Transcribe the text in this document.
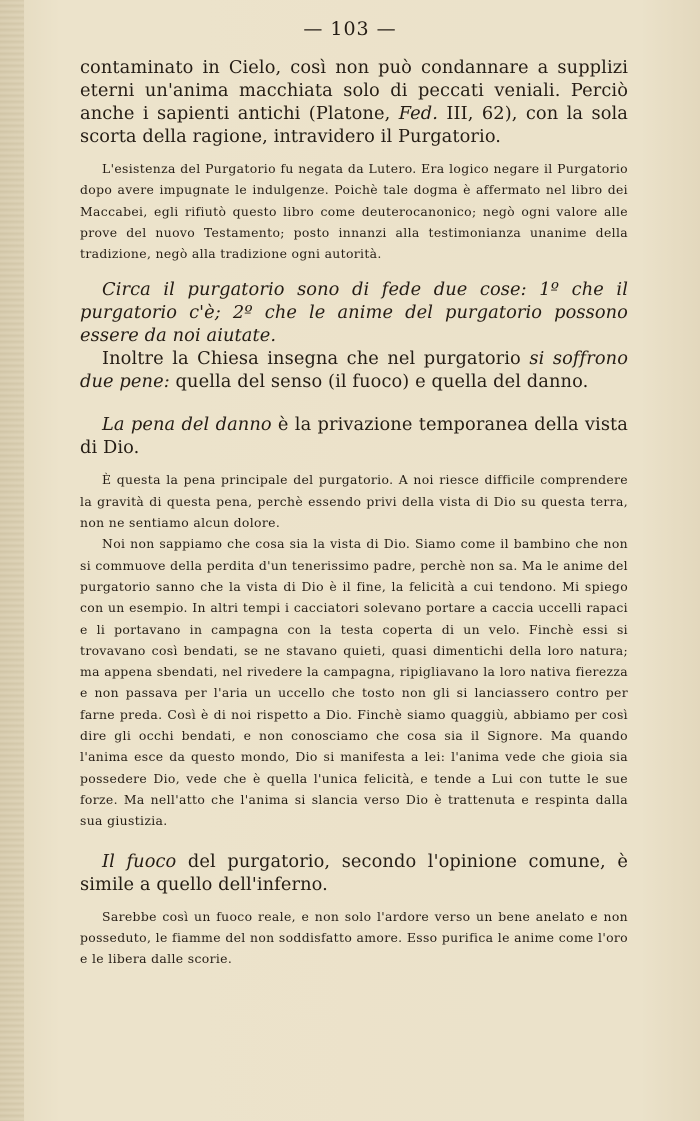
— 103 —

contaminato in Cielo, così non può condannare a supplizi eterni un'anima macchiata solo di peccati veniali. Perciò anche i sapienti antichi (Platone, Fed. III, 62), con la sola scorta della ragione, intravidero il Purgatorio.

L'esistenza del Purgatorio fu negata da Lutero. Era logico negare il Purgatorio dopo avere impugnate le indulgenze. Poichè tale dogma è affermato nel libro dei Maccabei, egli rifiutò questo libro come deuterocanonico; negò ogni valore alle prove del nuovo Testamento; posto innanzi alla testimonianza unanime della tradizione, negò alla tradizione ogni autorità.

Circa il purgatorio sono di fede due cose: 1º che il purgatorio c'è; 2º che le anime del purgatorio possono essere da noi aiutate.

Inoltre la Chiesa insegna che nel purgatorio si soffrono due pene: quella del senso (il fuoco) e quella del danno.

La pena del danno è la privazione temporanea della vista di Dio.

È questa la pena principale del purgatorio. A noi riesce difficile comprendere la gravità di questa pena, perchè essendo privi della vista di Dio su questa terra, non ne sentiamo alcun dolore.

Noi non sappiamo che cosa sia la vista di Dio. Siamo come il bambino che non si commuove della perdita d'un tenerissimo padre, perchè non sa. Ma le anime del purgatorio sanno che la vista di Dio è il fine, la felicità a cui tendono. Mi spiego con un esempio. In altri tempi i cacciatori solevano portare a caccia uccelli rapaci e li portavano in campagna con la testa coperta di un velo. Finchè essi si trovavano così bendati, se ne stavano quieti, quasi dimentichi della loro natura; ma appena sbendati, nel rivedere la campagna, ripigliavano la loro nativa fierezza e non passava per l'aria un uccello che tosto non gli si lanciassero contro per farne preda. Così è di noi rispetto a Dio. Finchè siamo quaggiù, abbiamo per così dire gli occhi bendati, e non conosciamo che cosa sia il Signore. Ma quando l'anima esce da questo mondo, Dio si manifesta a lei: l'anima vede che gioia sia possedere Dio, vede che è quella l'unica felicità, e tende a Lui con tutte le sue forze. Ma nell'atto che l'anima si slancia verso Dio è trattenuta e respinta dalla sua giustizia.

Il fuoco del purgatorio, secondo l'opinione comune, è simile a quello dell'inferno.

Sarebbe così un fuoco reale, e non solo l'ardore verso un bene anelato e non posseduto, le fiamme del non soddisfatto amore. Esso purifica le anime come l'oro e le libera dalle scorie.
